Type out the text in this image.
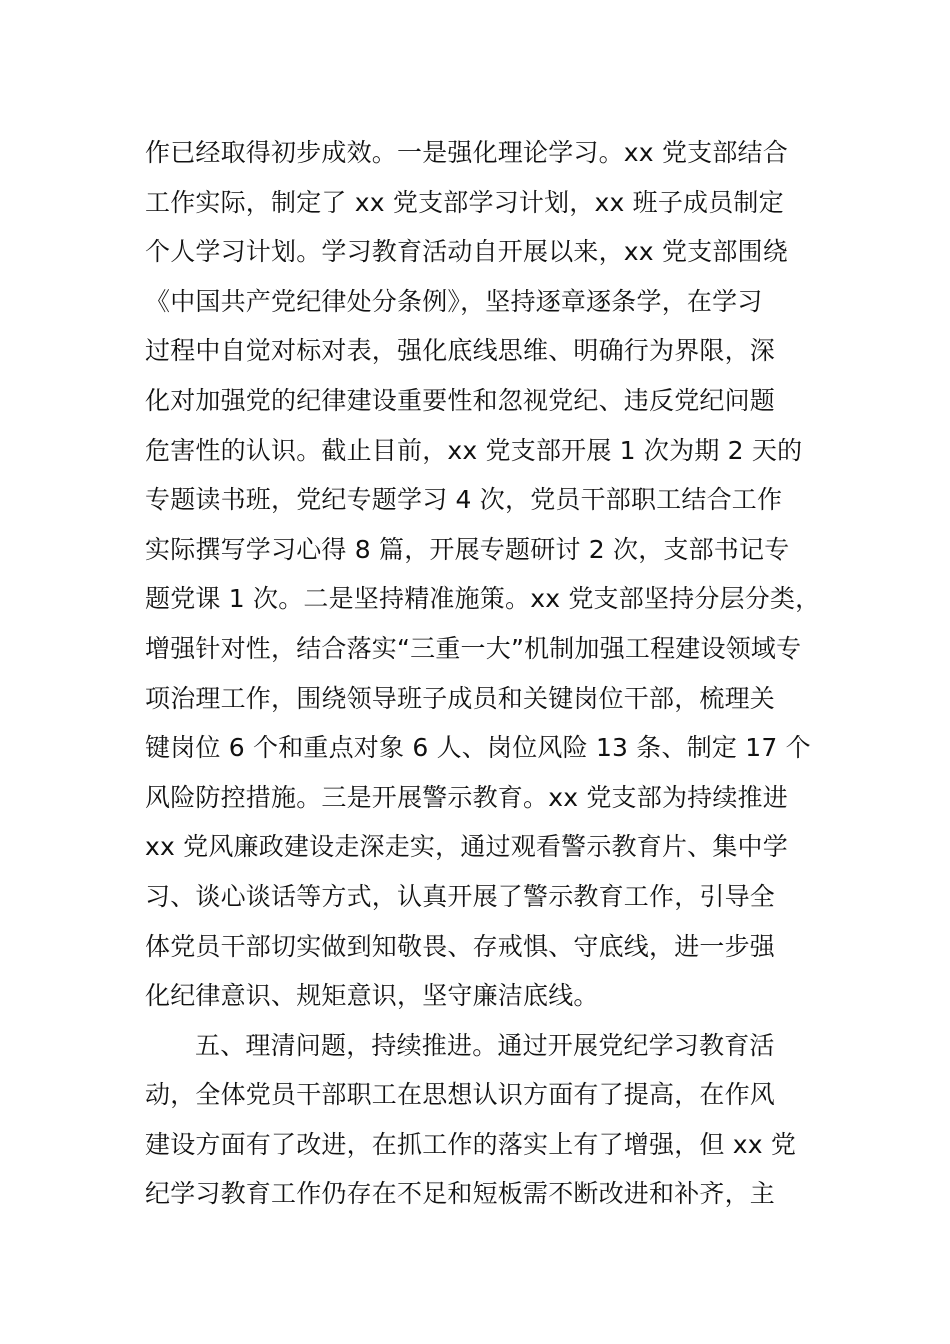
作已经取得初步成效。一是强化理论学习。xx 党支部结合
工作实际，制定了 xx 党支部学习计划，xx 班子成员制定
个人学习计划。学习教育活动自开展以来，xx 党支部围绕
《中国共产党纪律处分条例》，坚持逐章逐条学，在学习
过程中自觉对标对表，强化底线思维、明确行为界限，深
化对加强党的纪律建设重要性和忽视党纪、违反党纪问题
危害性的认识。截止目前，xx 党支部开展 1 次为期 2 天的
专题读书班，党纪专题学习 4 次，党员干部职工结合工作
实际撰写学习心得 8 篇，开展专题研讨 2 次，支部书记专
题党课 1 次。二是坚持精准施策。xx 党支部坚持分层分类，
增强针对性，结合落实“三重一大”机制加强工程建设领域专
项治理工作，围绕领导班子成员和关键岗位干部，梳理关
键岗位 6 个和重点对象 6 人、岗位风险 13 条、制定 17 个
风险防控措施。三是开展警示教育。xx 党支部为持续推进
xx 党风廉政建设走深走实，通过观看警示教育片、集中学
习、谈心谈话等方式，认真开展了警示教育工作，引导全
体党员干部切实做到知敬畏、存戒惧、守底线，进一步强
化纪律意识、规矩意识，坚守廉洁底线。
五、理清问题，持续推进。通过开展党纪学习教育活
动，全体党员干部职工在思想认识方面有了提高，在作风
建设方面有了改进，在抓工作的落实上有了增强，但 xx 党
纪学习教育工作仍存在不足和短板需不断改进和补齐，主
